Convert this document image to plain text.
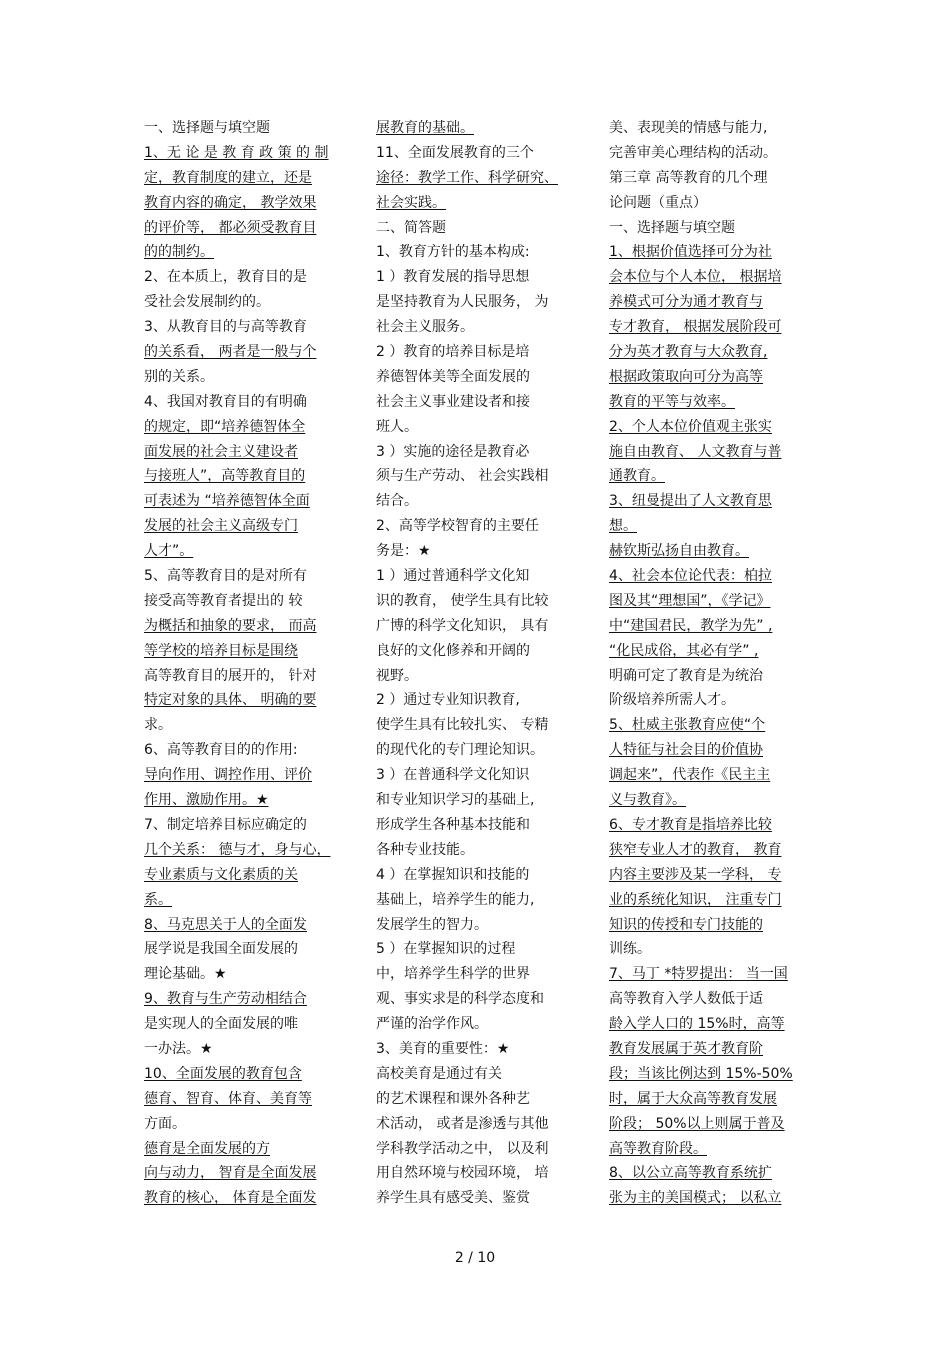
一、选择题与填空题
1、无 论 是 教 育 政 策 的 制
定，教育制度的建立，还是
教育内容的确定， 教学效果
的评价等， 都必须受教育目
的的制约。
2、在本质上，教育目的是
受社会发展制约的。
3、从教育目的与高等教育
的关系看， 两者是一般与个
别的关系。
4、我国对教育目的有明确
的规定，即“培养德智体全
面发展的社会主义建设者
与接班人”，高等教育目的
可表述为 “培养德智体全面
发展的社会主义高级专门
人才”。
5、高等教育目的是对所有
接受高等教育者提出的 较
为概括和抽象的要求， 而高
等学校的培养目标是围绕
高等教育目的展开的， 针对
特定对象的具体、 明确的要
求。
6、高等教育目的的作用:
导向作用、调控作用、评价
作用、激励作用。★
7、制定培养目标应确定的
几个关系： 德与才，身与心，
专业素质与文化素质的关
系。
8、马克思关于人的全面发
展学说是我国全面发展的
理论基础。★
9、教育与生产劳动相结合
是实现人的全面发展的唯
一办法。★
10、全面发展的教育包含
德育、智育、体育、美育等
方面。
德育是全面发展的方
向与动力， 智育是全面发展
教育的核心， 体育是全面发
展教育的基础。
11、全面发展教育的三个
途径：教学工作、科学研究、
社会实践。
二、简答题
1、教育方针的基本构成:
1 ）教育发展的指导思想
是坚持教育为人民服务， 为
社会主义服务。
2 ）教育的培养目标是培
养德智体美等全面发展的
社会主义事业建设者和接
班人。
3 ）实施的途径是教育必
须与生产劳动、 社会实践相
结合。
2、高等学校智育的主要任
务是：★
1 ）通过普通科学文化知
识的教育， 使学生具有比较
广博的科学文化知识， 具有
良好的文化修养和开阔的
视野。
2 ）通过专业知识教育,
使学生具有比较扎实、 专精
的现代化的专门理论知识。
3 ）在普通科学文化知识
和专业知识学习的基础上,
形成学生各种基本技能和
各种专业技能。
4 ）在掌握知识和技能的
基础上，培养学生的能力,
发展学生的智力。
5 ）在掌握知识的过程
中，培养学生科学的世界
观、事实求是的科学态度和
严谨的治学作风。
3、美育的重要性：★
高校美育是通过有关
的艺术课程和课外各种艺
术活动， 或者是渗透与其他
学科教学活动之中， 以及利
用自然环境与校园环境， 培
养学生具有感受美、鉴赏
美、表现美的情感与能力,
完善审美心理结构的活动。
第三章 高等教育的几个理
论问题（重点）
一、选择题与填空题
1、根据价值选择可分为社
会本位与个人本位， 根据培
养模式可分为通才教育与
专才教育， 根据发展阶段可
分为英才教育与大众教育,
根据政策取向可分为高等
教育的平等与效率。
2、个人本位价值观主张实
施自由教育、 人文教育与普
通教育。
3、纽曼提出了人文教育思
想。
赫钦斯弘扬自由教育。
4、社会本位论代表：柏拉
图及其“理想国”，《学记》
中“建国君民，教学为先” ,
“化民成俗，其必有学” ,
明确可定了教育是为统治
阶级培养所需人才。
5、杜威主张教育应使“个
人特征与社会目的价值协
调起来”，代表作《民主主
义与教育》。
6、专才教育是指培养比较
狭窄专业人才的教育， 教育
内容主要涉及某一学科， 专
业的系统化知识， 注重专门
知识的传授和专门技能的
训练。
7、马丁 *特罗提出： 当一国
高等教育入学人数低于适
龄入学人口的 15%时，高等
教育发展属于英才教育阶
段；当该比例达到 15%-50%
时，属于大众高等教育发展
阶段； 50%以上则属于普及
高等教育阶段。
8、以公立高等教育系统扩
张为主的美国模式； 以私立
2 / 10
